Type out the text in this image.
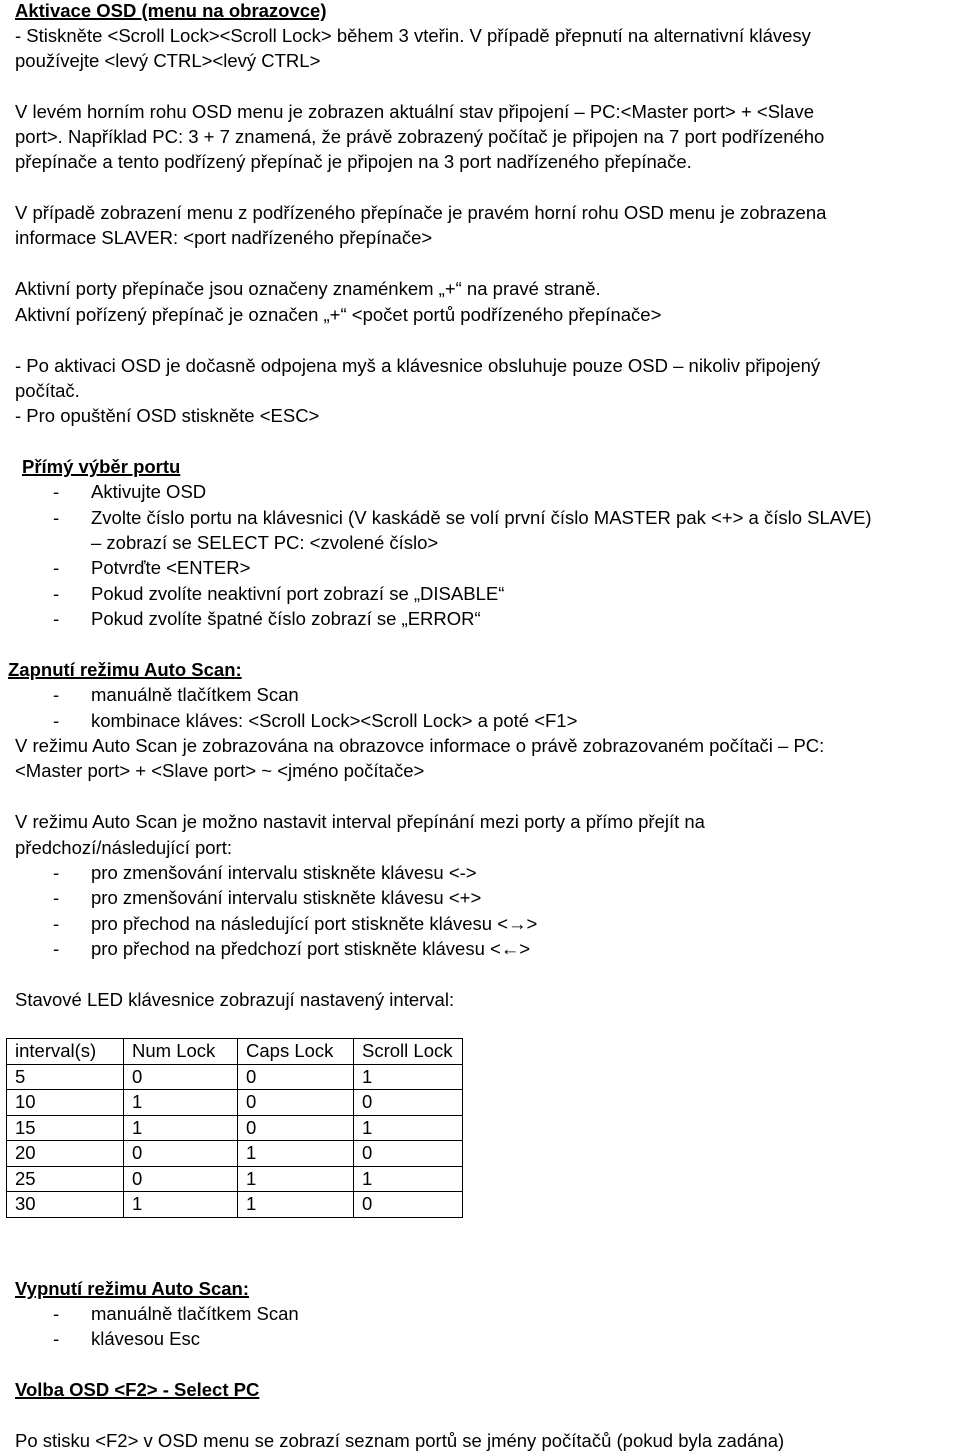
Aktivace OSD (menu na obrazovce)
- Stiskněte <Scroll Lock><Scroll Lock> během 3 vteřin. V případě přepnutí na alternativní klávesy
používejte <levý CTRL><levý CTRL>
V levém horním rohu OSD menu je zobrazen aktuální stav připojení – PC:<Master port> + <Slave
port>. Například PC: 3 + 7 znamená, že právě zobrazený počítač je připojen na 7 port podřízeného
přepínače a tento podřízený přepínač je připojen na 3 port nadřízeného přepínače.
V případě zobrazení menu z podřízeného přepínače je pravém horní rohu OSD menu je zobrazena
informace SLAVER: <port nadřízeného přepínače>
Aktivní porty přepínače jsou označeny znaménkem „+“ na pravé straně.
Aktivní pořízený přepínač je označen „+“ <počet portů podřízeného přepínače>
- Po aktivaci OSD je dočasně odpojena myš a klávesnice obsluhuje pouze OSD – nikoliv připojený
počítač.
- Pro opuštění OSD stiskněte <ESC>
Přímý výběr portu
- Aktivujte OSD
- Zvolte číslo portu na klávesnici (V kaskádě se volí první číslo MASTER pak <+> a číslo SLAVE)
– zobrazí se SELECT PC: <zvolené číslo>
- Potvrďte <ENTER>
- Pokud zvolíte neaktivní port zobrazí se „DISABLE“
- Pokud zvolíte špatné číslo zobrazí se „ERROR“
Zapnutí režimu Auto Scan:
- manuálně tlačítkem Scan
- kombinace kláves: <Scroll Lock><Scroll Lock> a poté <F1>
V režimu Auto Scan je zobrazována na obrazovce informace o právě zobrazovaném počítači – PC:
<Master port> + <Slave port> ~ <jméno počítače>
V režimu Auto Scan je možno nastavit interval přepínání mezi porty a přímo přejít na
předchozí/následující port:
- pro zmenšování intervalu stiskněte klávesu <->
- pro zmenšování intervalu stiskněte klávesu <+>
- pro přechod na následující port stiskněte klávesu <→>
- pro přechod na předchozí port stiskněte klávesu <←>
Stavové LED klávesnice zobrazují nastavený interval:
interval(s)	Num Lock	Caps Lock	Scroll Lock
5	0	0	1
10	1	0	0
15	1	0	1
20	0	1	0
25	0	1	1
30	1	1	0
Vypnutí režimu Auto Scan:
- manuálně tlačítkem Scan
- klávesou Esc
Volba OSD <F2> - Select PC
Po stisku <F2> v OSD menu se zobrazí seznam portů se jmény počítačů (pokud byla zadána)
